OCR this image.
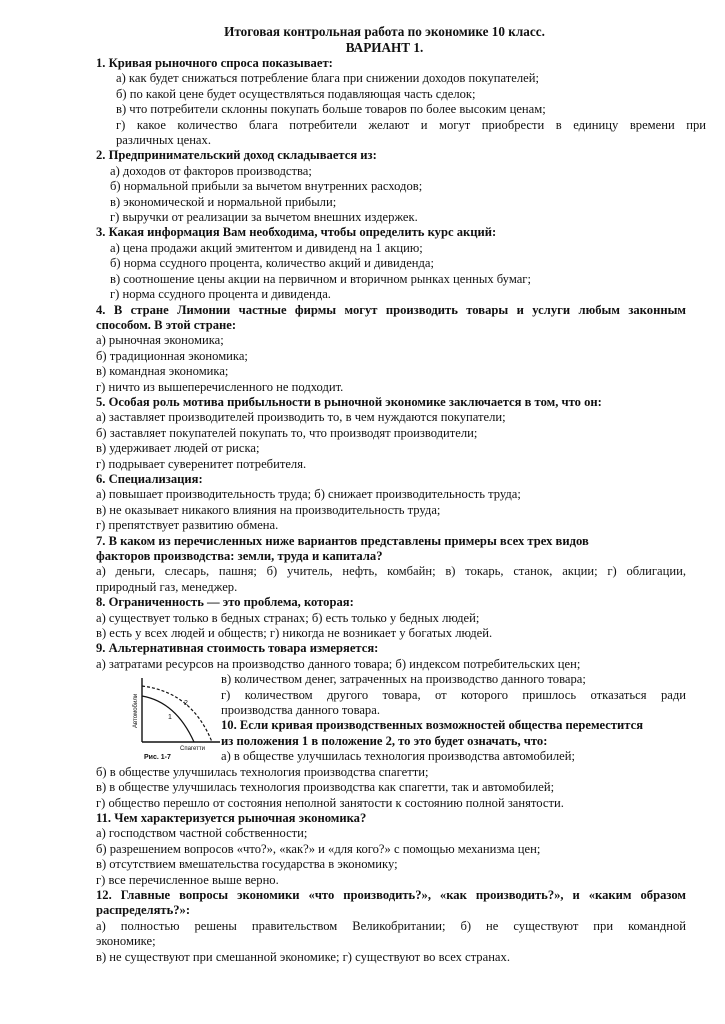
Итоговая контрольная работа по экономике 10 класс.
ВАРИАНТ 1.
1. Кривая рыночного спроса показывает:
а) как будет снижаться потребление блага при снижении доходов покупателей;
б) по какой цене будет осуществляться подавляющая часть сделок;
в) что потребители склонны покупать больше товаров по более высоким ценам;
г) какое количество блага потребители желают и могут приобрести в единицу времени при
различных ценах.
2. Предпринимательский доход складывается из:
а) доходов от факторов производства;
б) нормальной прибыли за вычетом внутренних расходов;
в) экономической и нормальной прибыли;
г) выручки от реализации за вычетом внешних издержек.
3. Какая информация Вам необходима, чтобы определить курс акций:
а) цена продажи акций эмитентом и дивиденд на 1 акцию;
б) норма ссудного процента, количество акций и дивиденда;
в) соотношение цены акции на первичном и вторичном рынках ценных бумаг;
г) норма ссудного процента и дивиденда.
4. В стране Лимонии частные фирмы могут производить товары и услуги любым законным
способом. В этой стране:
а) рыночная экономика;
б) традиционная экономика;
в) командная экономика;
г) ничто из вышеперечисленного не подходит.
5. Особая роль мотива прибыльности в рыночной экономике заключается в том, что он:
а) заставляет производителей производить то, в чем нуждаются покупатели;
б) заставляет покупателей покупать то, что производят производители;
в) удерживает людей от риска;
г) подрывает суверенитет потребителя.
6. Специализация:
а) повышает производительность труда; б) снижает производительность труда;
в) не оказывает никакого влияния на производительность труда;
г) препятствует развитию обмена.
7. В каком из перечисленных ниже вариантов представлены примеры всех трех видов
факторов производства: земли, труда и капитала?
а) деньги, слесарь, пашня; б) учитель, нефть, комбайн; в) токарь, станок, акции; г) облигации,
природный газ, менеджер.
8. Ограниченность — это проблема, которая:
а) существует только в бедных странах; б) есть только у бедных людей;
в) есть у всех людей и обществ; г) никогда не возникает у богатых людей.
9. Альтернативная стоимость товара измеряется:
а) затратами ресурсов на производство данного товара; б) индексом потребительских цен;
в) количеством денег, затраченных на производство данного товара;
г) количеством другого товара, от которого пришлось отказаться ради
производства данного товара.
10. Если кривая производственных возможностей общества переместится
из положения 1 в положение 2, то это будет означать, что:
а) в обществе улучшилась технология производства автомобилей;
б) в обществе улучшилась технология производства спагетти;
в) в обществе улучшилась технология производства как спагетти, так и автомобилей;
г) общество перешло от состояния неполной занятости к состоянию полной занятости.
11. Чем характеризуется рыночная экономика?
а) господством частной собственности;
б) разрешением вопросов «что?», «как?» и «для кого?» с помощью механизма цен;
в) отсутствием вмешательства государства в экономику;
г) все перечисленное выше верно.
12. Главные вопросы экономики «что производить?», «как производить?», и «каким образом
распределять?»:
а) полностью решены правительством Великобритании; б) не существуют при командной
экономике;
в) не существуют при смешанной экономике; г) существуют во всех странах.
Автомобили
Спагетти
1
2
Рис. 1-7
